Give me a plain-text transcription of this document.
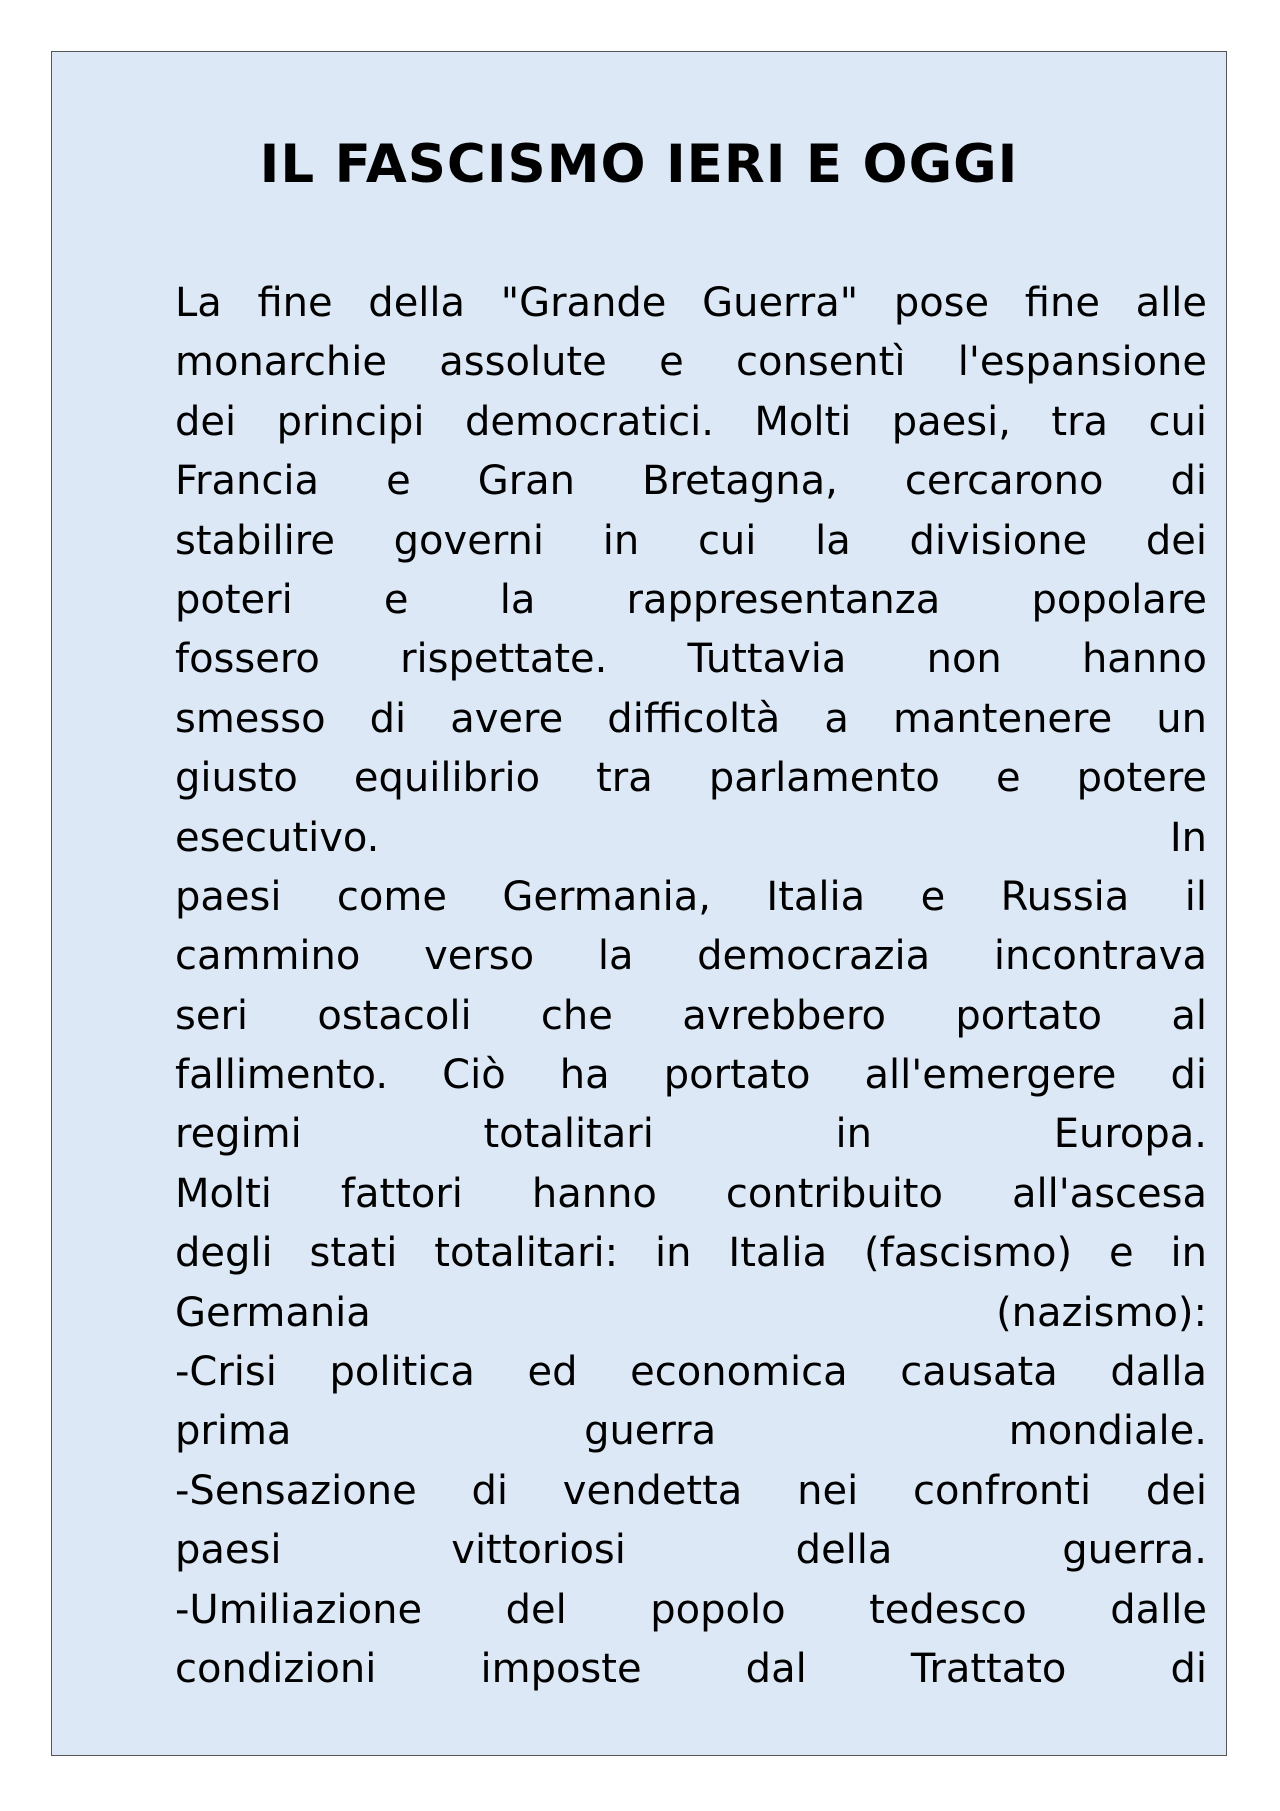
IL FASCISMO IERI E OGGI
La fine della "Grande Guerra" pose fine alle
monarchie assolute e consentì l'espansione
dei principi democratici. Molti paesi, tra cui
Francia e Gran Bretagna, cercarono di
stabilire governi in cui la divisione dei
poteri e la rappresentanza popolare
fossero rispettate. Tuttavia non hanno
smesso di avere difficoltà a mantenere un
giusto equilibrio tra parlamento e potere
esecutivo. In
paesi come Germania, Italia e Russia il
cammino verso la democrazia incontrava
seri ostacoli che avrebbero portato al
fallimento. Ciò ha portato all'emergere di
regimi totalitari in Europa.
Molti fattori hanno contribuito all'ascesa
degli stati totalitari: in Italia (fascismo) e in
Germania (nazismo):
-Crisi politica ed economica causata dalla
prima guerra mondiale.
-Sensazione di vendetta nei confronti dei
paesi vittoriosi della guerra.
-Umiliazione del popolo tedesco dalle
condizioni imposte dal Trattato di
